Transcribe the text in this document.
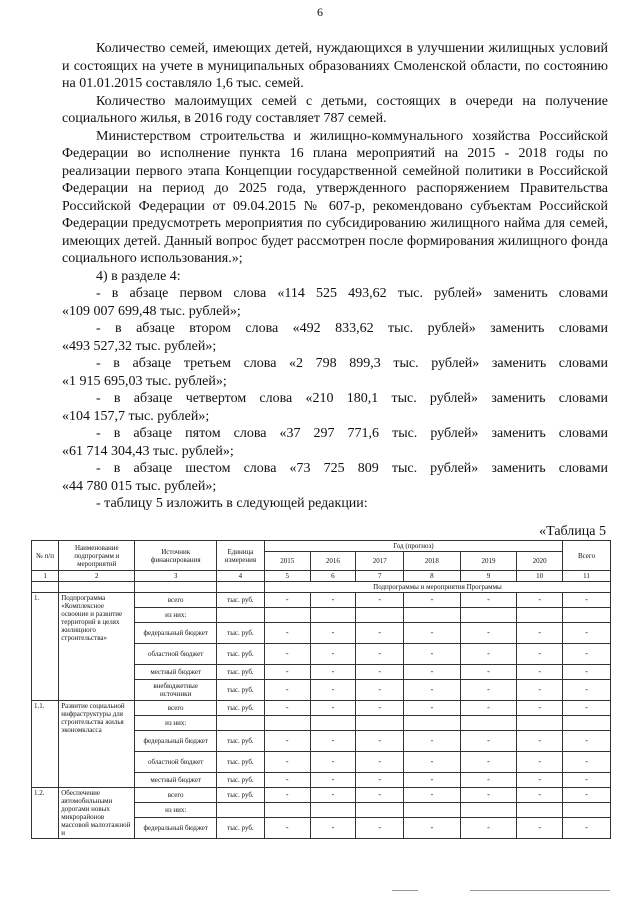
6

Количество семей, имеющих детей, нуждающихся в улучшении жилищных условий и состоящих на учете в муниципальных образованиях Смоленской области, по состоянию на 01.01.2015 составляло 1,6 тыс. семей.

Количество малоимущих семей с детьми, состоящих в очереди на получение социального жилья, в 2016 году составляет 787 семей.

Министерством строительства и жилищно-коммунального хозяйства Российской Федерации во исполнение пункта 16 плана мероприятий на 2015 - 2018 годы по реализации первого этапа Концепции государственной семейной политики в Российской Федерации на период до 2025 года, утвержденного распоряжением Правительства Российской Федерации от 09.04.2015 № 607-р, рекомендовано субъектам Российской Федерации предусмотреть мероприятия по субсидированию жилищного найма для семей, имеющих детей. Данный вопрос будет рассмотрен после формирования жилищного фонда социального использования.»;

4) в разделе 4:

- в абзаце первом слова «114 525 493,62 тыс. рублей» заменить словами

«109 007 699,48 тыс. рублей»;

- в абзаце втором слова «492 833,62 тыс. рублей» заменить словами

«493 527,32 тыс. рублей»;

- в абзаце третьем слова «2 798 899,3 тыс. рублей» заменить словами

«1 915 695,03 тыс. рублей»;

- в абзаце четвертом слова «210 180,1 тыс. рублей» заменить словами

«104 157,7 тыс. рублей»;

- в абзаце пятом слова «37 297 771,6 тыс. рублей» заменить словами

«61 714 304,43 тыс. рублей»;

- в абзаце шестом слова «73 725 809 тыс. рублей» заменить словами

«44 780 015 тыс. рублей»;

- таблицу 5 изложить в следующей редакции:

«Таблица 5
№ п/п	Наименование подпрограмм и мероприятий	Источник финансирования	Единица измерения	Год (прогноз)						Всего
				2015	2016	2017	2018	2019	2020	
1	2	3	4	5	6	7	8	9	10	11
				Подпрограммы и мероприятия Программы						
1.	Подпрограмма «Комплексное освоение и развитие территорий в целях жилищного строительства»	всего	тыс. руб.	-	-	-	-	-	-	-
		из них:								
		федеральный бюджет	тыс. руб.	-	-	-	-	-	-	-
		областной бюджет	тыс. руб.	-	-	-	-	-	-	-
		местный бюджет	тыс. руб.	-	-	-	-	-	-	-
		внебюджетные источники	тыс. руб.	-	-	-	-	-	-	-
1.1.	Развитие социальной инфраструктуры для строительства жилья экономкласса	всего	тыс. руб.	-	-	-	-	-	-	-
		из них:								
		федеральный бюджет	тыс. руб.	-	-	-	-	-	-	-
		областной бюджет	тыс. руб.	-	-	-	-	-	-	-
		местный бюджет	тыс. руб.	-	-	-	-	-	-	-
1.2.	Обеспечение автомобильными дорогами новых микрорайонов массовой малоэтажной и	всего	тыс. руб.	-	-	-	-	-	-	-
		из них:								
		федеральный бюджет	тыс. руб.	-	-	-	-	-	-	-
